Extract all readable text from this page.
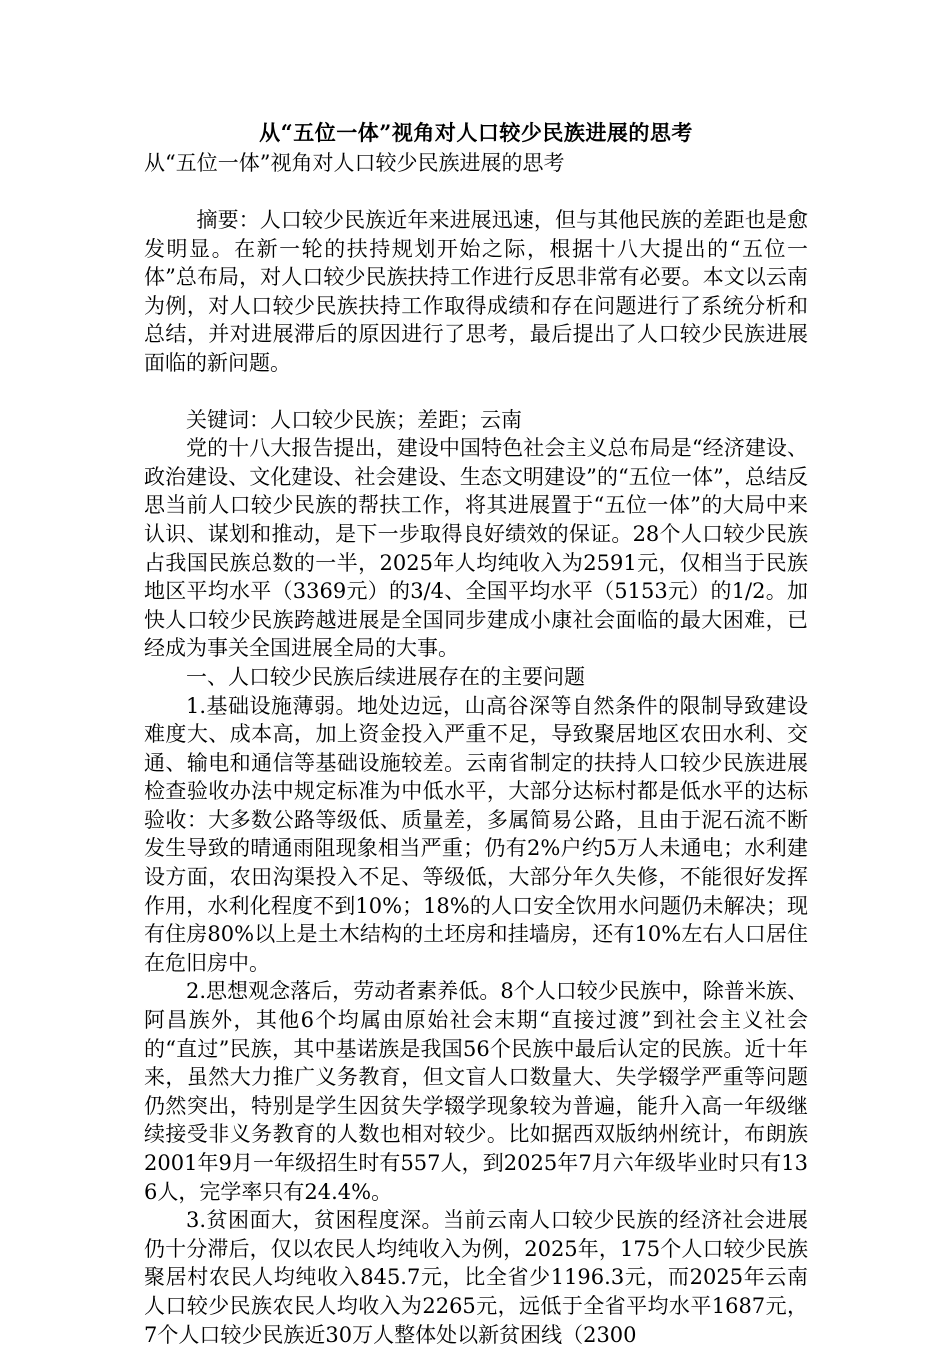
从“五位一体”视角对人口较少民族进展的思考

从“五位一体”视角对人口较少民族进展的思考

摘要：人口较少民族近年来进展迅速，但与其他民族的差距也是愈发明显。在新一轮的扶持规划开始之际，根据十八大提出的“五位一体”总布局，对人口较少民族扶持工作进行反思非常有必要。本文以云南为例，对人口较少民族扶持工作取得成绩和存在问题进行了系统分析和总结，并对进展滞后的原因进行了思考，最后提出了人口较少民族进展面临的新问题。

关键词：人口较少民族；差距；云南

党的十八大报告提出，建设中国特色社会主义总布局是“经济建设、政治建设、文化建设、社会建设、生态文明建设”的“五位一体”，总结反思当前人口较少民族的帮扶工作，将其进展置于“五位一体”的大局中来认识、谋划和推动，是下一步取得良好绩效的保证。28个人口较少民族占我国民族总数的一半，2025年人均纯收入为2591元，仅相当于民族地区平均水平（3369元）的3/4、全国平均水平（5153元）的1/2。加快人口较少民族跨越进展是全国同步建成小康社会面临的最大困难，已经成为事关全国进展全局的大事。

一、人口较少民族后续进展存在的主要问题

1.基础设施薄弱。地处边远，山高谷深等自然条件的限制导致建设难度大、成本高，加上资金投入严重不足，导致聚居地区农田水利、交通、输电和通信等基础设施较差。云南省制定的扶持人口较少民族进展检查验收办法中规定标准为中低水平，大部分达标村都是低水平的达标验收：大多数公路等级低、质量差，多属简易公路，且由于泥石流不断发生导致的晴通雨阻现象相当严重；仍有2%户约5万人未通电；水利建设方面，农田沟渠投入不足、等级低，大部分年久失修，不能很好发挥作用，水利化程度不到10%；18%的人口安全饮用水问题仍未解决；现有住房80%以上是土木结构的土坯房和挂墙房，还有10%左右人口居住在危旧房中。

2.思想观念落后，劳动者素养低。8个人口较少民族中，除普米族、阿昌族外，其他6个均属由原始社会末期“直接过渡”到社会主义社会的“直过”民族，其中基诺族是我国56个民族中最后认定的民族。近十年来，虽然大力推广义务教育，但文盲人口数量大、失学辍学严重等问题仍然突出，特别是学生因贫失学辍学现象较为普遍，能升入高一年级继续接受非义务教育的人数也相对较少。比如据西双版纳州统计，布朗族2001年9月一年级招生时有557人，到2025年7月六年级毕业时只有136人，完学率只有24.4%。

3.贫困面大，贫困程度深。当前云南人口较少民族的经济社会进展仍十分滞后，仅以农民人均纯收入为例，2025年，175个人口较少民族聚居村农民人均纯收入845.7元，比全省少1196.3元，而2025年云南人口较少民族农民人均收入为2265元，远低于全省平均水平1687元，7个人口较少民族近30万人整体处以新贫困线（2300
